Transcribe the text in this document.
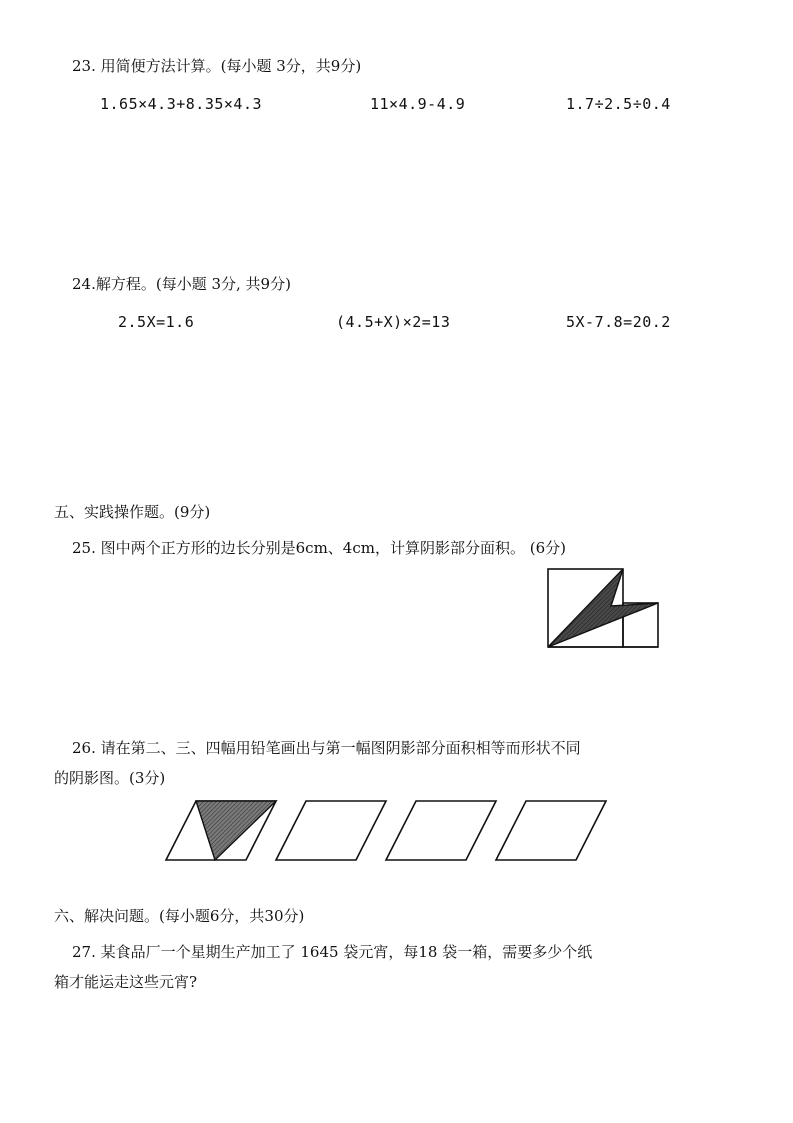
23. 用简便方法计算。(每小题 3分，共9分)
1.65×4.3+8.35×4.3	11×4.9-4.9	1.7÷2.5÷0.4
24.解方程。(每小题 3分, 共9分)
2.5X=1.6	(4.5+X)×2=13	5X-7.8=20.2
五、实践操作题。(9分)
25. 图中两个正方形的边长分别是6cm、4cm，计算阴影部分面积。 (6分)
26. 请在第二、三、四幅用铅笔画出与第一幅图阴影部分面积相等而形状不同
的阴影图。(3分)
六、解决问题。(每小题6分，共30分)
27. 某食品厂一个星期生产加工了 1645 袋元宵，每18 袋一箱，需要多少个纸
箱才能运走这些元宵?
